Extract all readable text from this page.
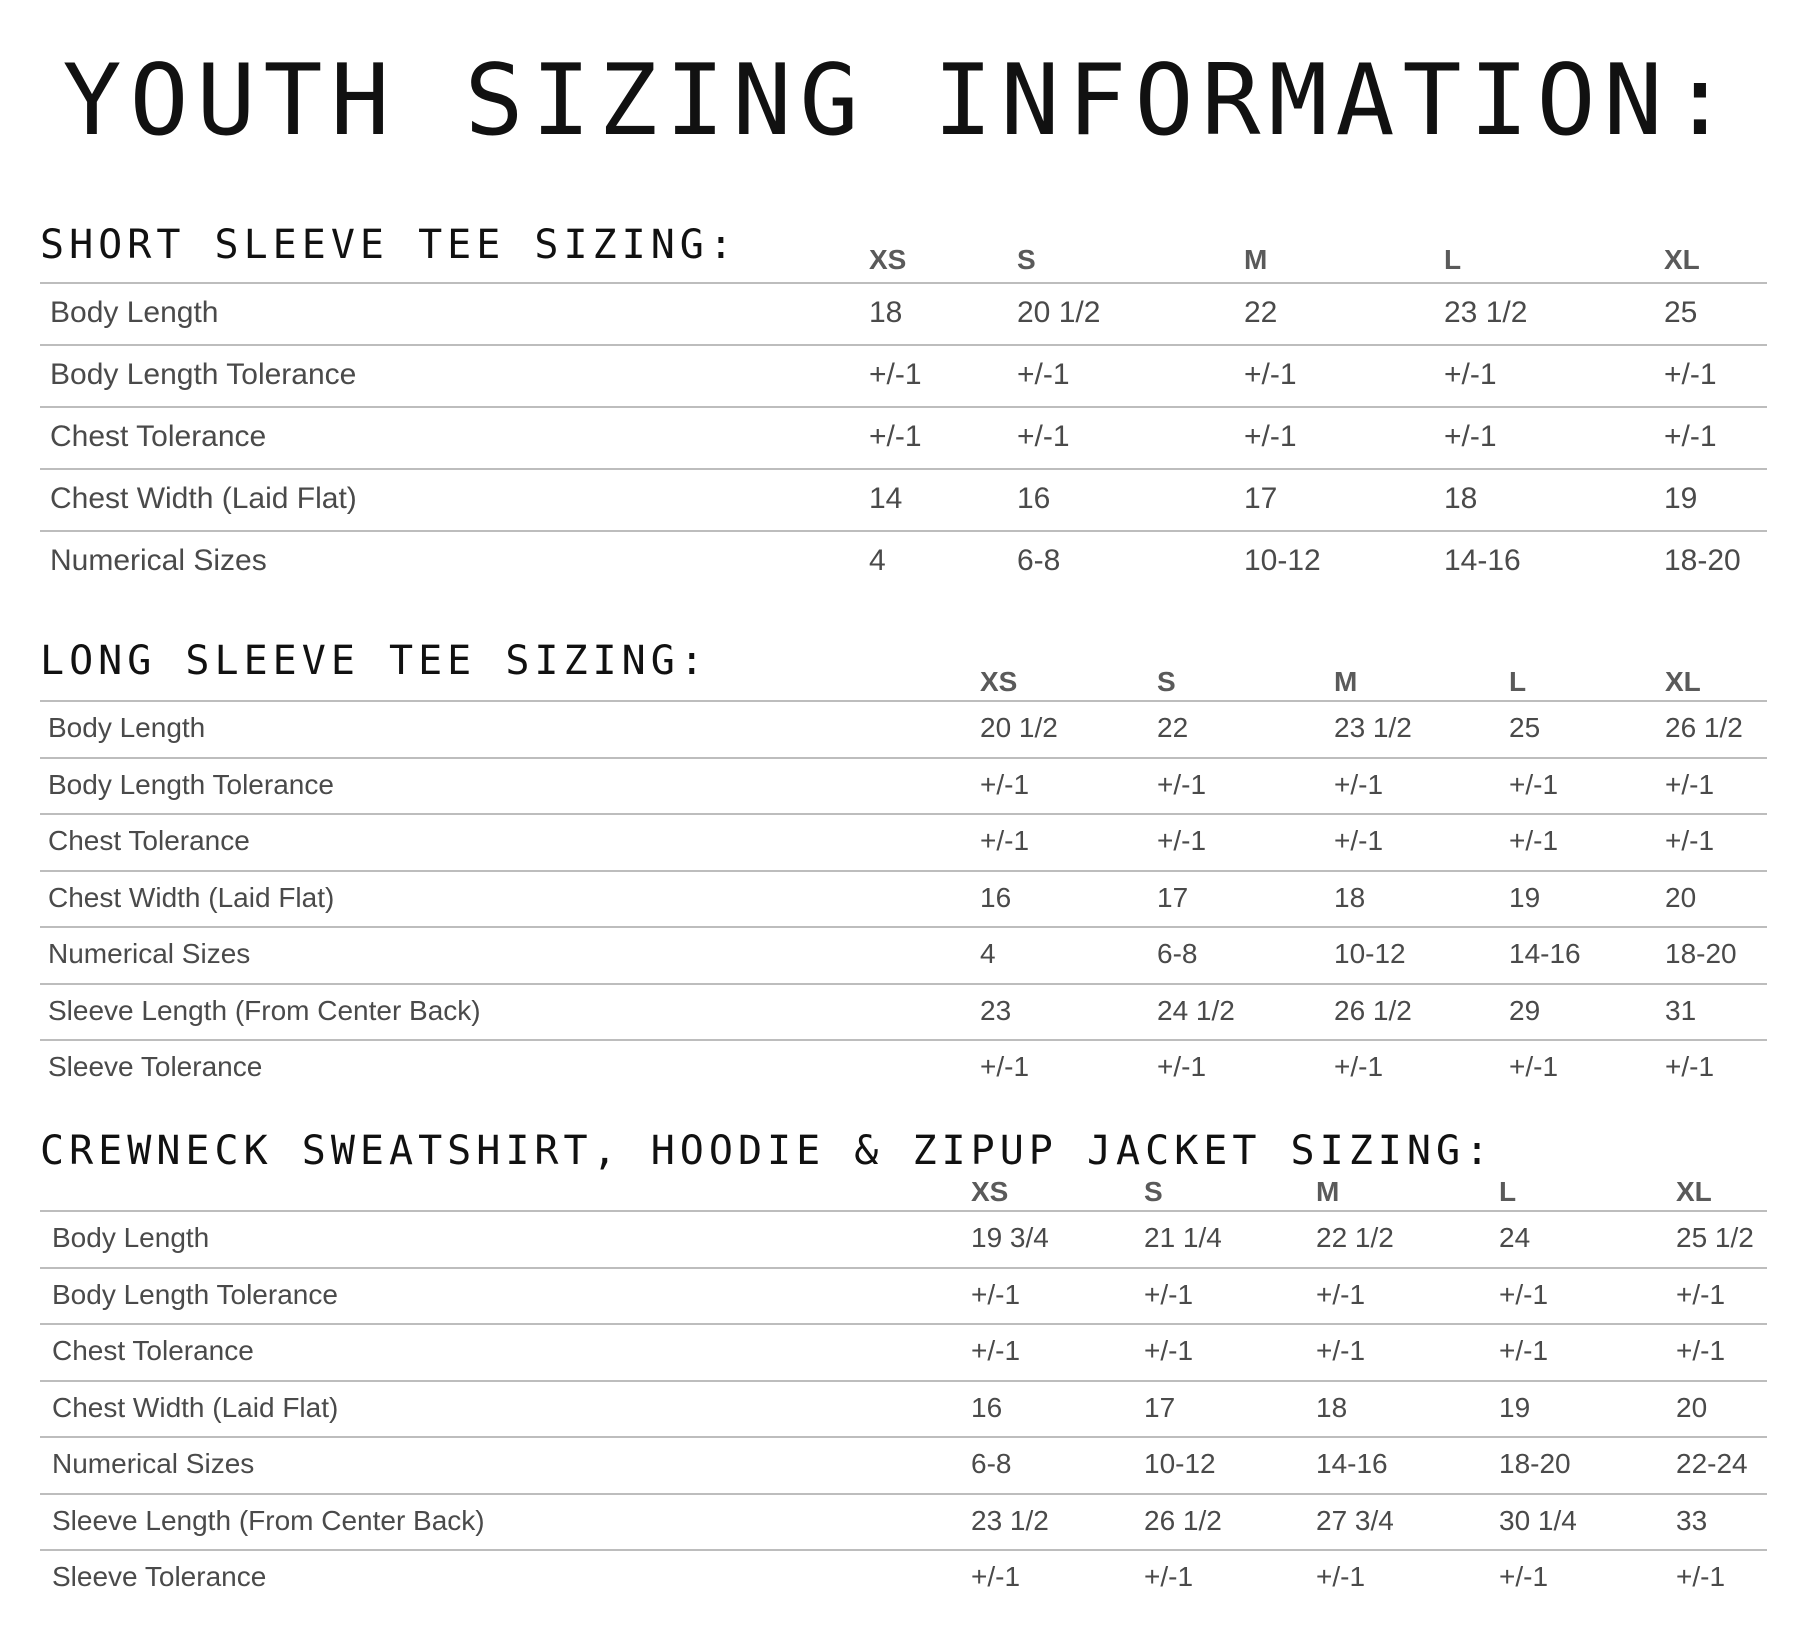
YOUTH SIZING INFORMATION:
SHORT SLEEVE TEE SIZING:	XS	S	M	L	XL
Body Length	18	20 1/2	22	23 1/2	25
Body Length Tolerance	+/-1	+/-1	+/-1	+/-1	+/-1
Chest Tolerance	+/-1	+/-1	+/-1	+/-1	+/-1
Chest Width (Laid Flat)	14	16	17	18	19
Numerical Sizes	4	6-8	10-12	14-16	18-20
LONG SLEEVE TEE SIZING:	XS	S	M	L	XL
Body Length	20 1/2	22	23 1/2	25	26 1/2
Body Length Tolerance	+/-1	+/-1	+/-1	+/-1	+/-1
Chest Tolerance	+/-1	+/-1	+/-1	+/-1	+/-1
Chest Width (Laid Flat)	16	17	18	19	20
Numerical Sizes	4	6-8	10-12	14-16	18-20
Sleeve Length (From Center Back)	23	24 1/2	26 1/2	29	31
Sleeve Tolerance	+/-1	+/-1	+/-1	+/-1	+/-1
CREWNECK SWEATSHIRT, HOODIE & ZIPUP JACKET SIZING:
XS	S	M	L	XL
Body Length	19 3/4	21 1/4	22 1/2	24	25 1/2
Body Length Tolerance	+/-1	+/-1	+/-1	+/-1	+/-1
Chest Tolerance	+/-1	+/-1	+/-1	+/-1	+/-1
Chest Width (Laid Flat)	16	17	18	19	20
Numerical Sizes	6-8	10-12	14-16	18-20	22-24
Sleeve Length (From Center Back)	23 1/2	26 1/2	27 3/4	30 1/4	33
Sleeve Tolerance	+/-1	+/-1	+/-1	+/-1	+/-1
